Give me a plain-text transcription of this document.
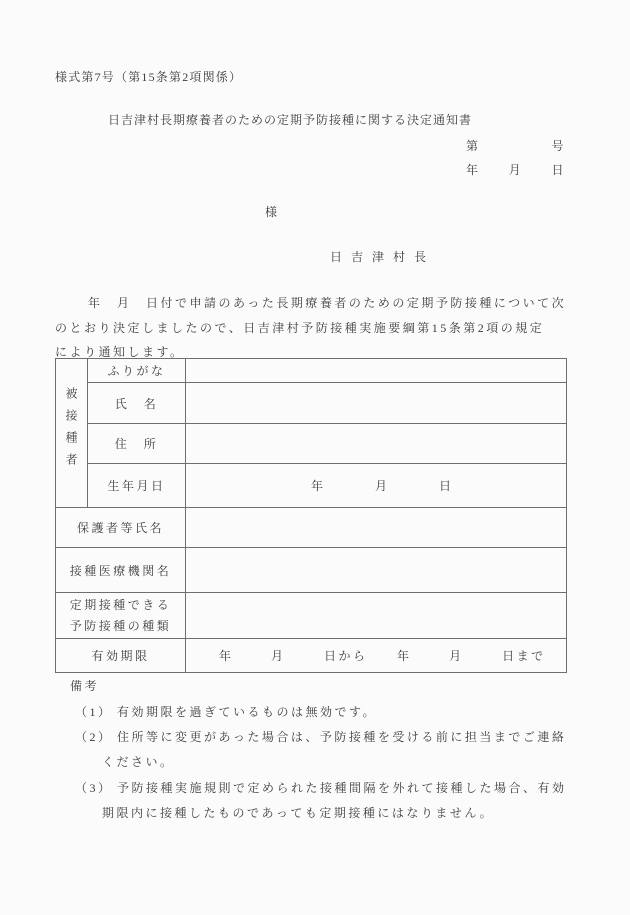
様式第7号（第15条第2項関係）
日吉津村長期療養者のための定期予防接種に関する決定通知書
第	号
年 月 日
様
日吉津村長
年　月　日付で申請のあった長期療養者のための定期予防接種について次
のとおり決定しましたので、日吉津村予防接種実施要綱第15条第2項の規定
により通知します。
被接種者	ふりがな	
	氏　名	
	住　所	
	生年月日	年 月 日
保護者等氏名		
接種医療機関名		

定期接種できる
予防接種の種類		

有効期限		年 月 日から 年 月 日まで
備考
（1） 有効期限を過ぎているものは無効です。
（2） 住所等に変更があった場合は、予防接種を受ける前に担当までご連絡
ください。
（3） 予防接種実施規則で定められた接種間隔を外れて接種した場合、有効
期限内に接種したものであっても定期接種にはなりません。
